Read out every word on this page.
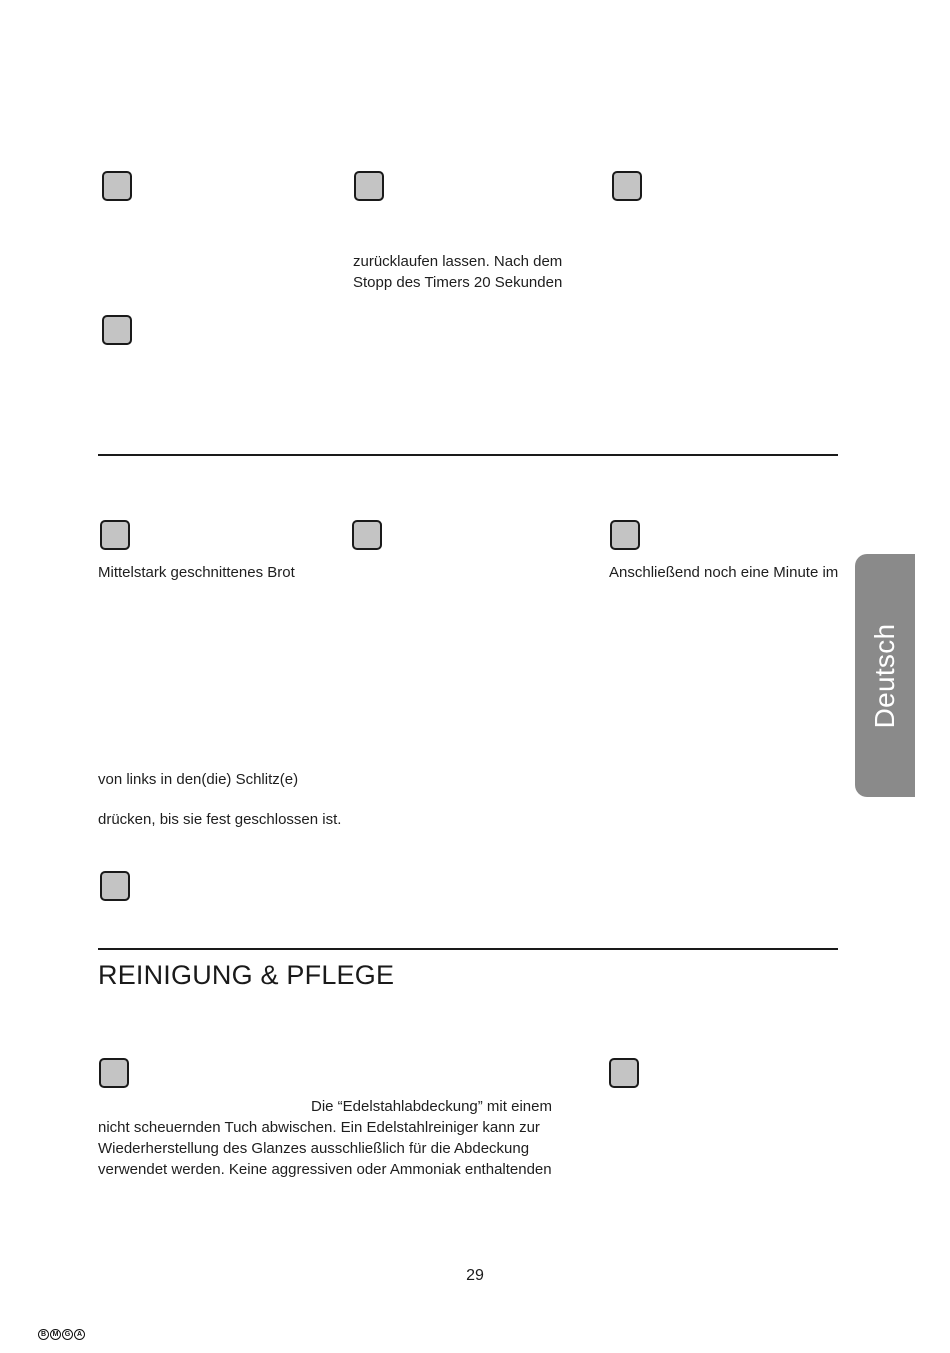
zurücklaufen lassen. Nach dem
Stopp des Timers 20 Sekunden
Mittelstark geschnittenes Brot	Anschließend noch eine Minute im
von links in den(die) Schlitz(e)
drücken, bis sie fest geschlossen ist.
REINIGUNG & PFLEGE
Die “Edelstahlabdeckung” mit einem
nicht scheuernden Tuch abwischen. Ein Edelstahlreiniger kann zur
Wiederherstellung des Glanzes ausschließlich für die Abdeckung
verwendet werden. Keine aggressiven oder Ammoniak enthaltenden
Deutsch
29
B M G A
